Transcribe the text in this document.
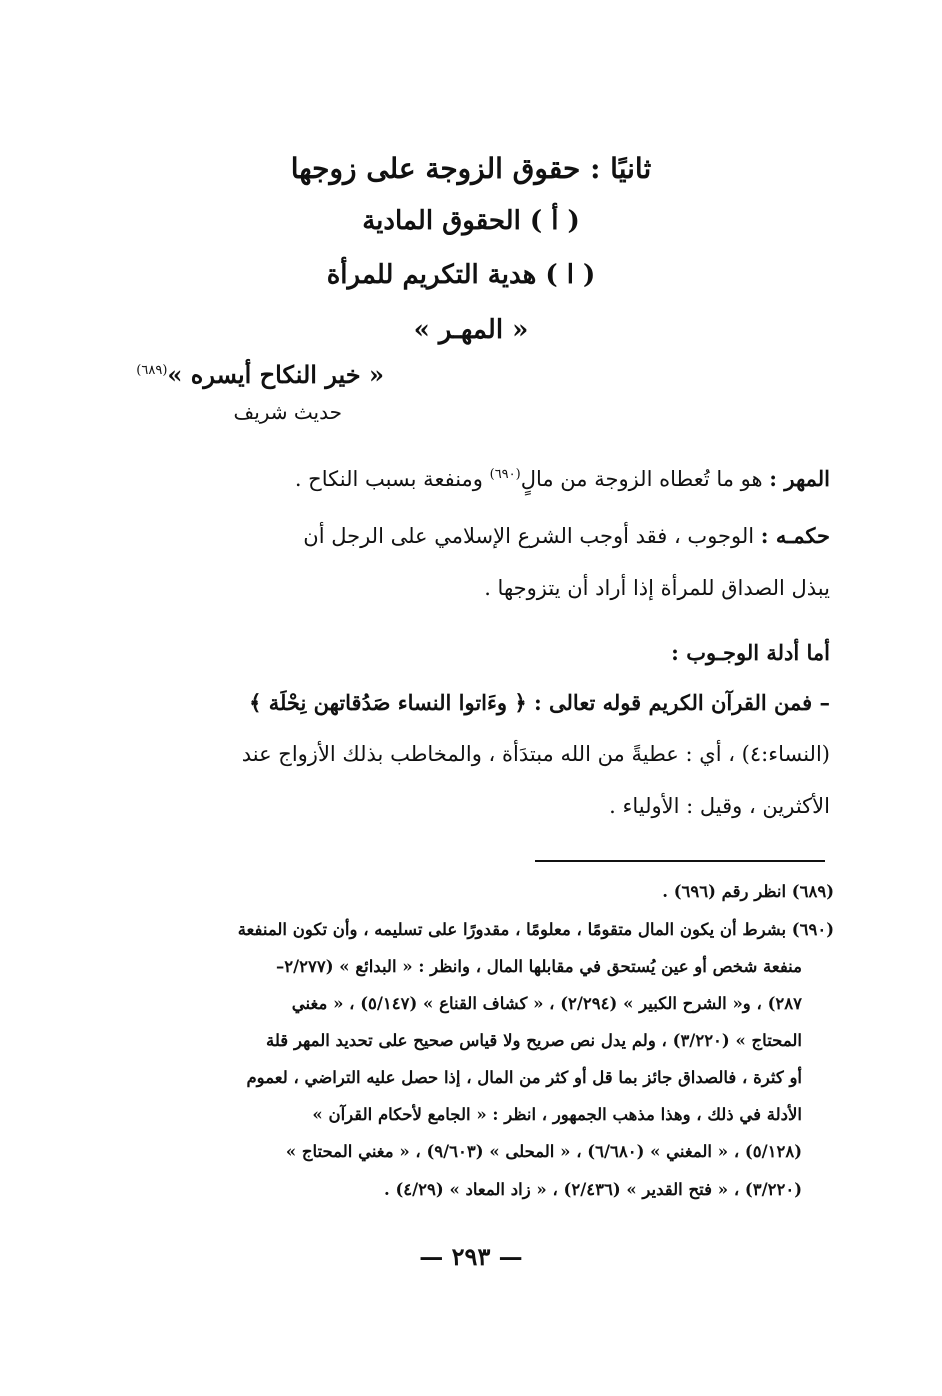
ثانيًا : حقوق الزوجة على زوجها
( أ ) الحقوق المادية
( ا ) هدية التكريم للمرأة
« المهـر »
« خير النكاح أيسره »$^{(٦٨٩)}$
حديث شريف
المهر : هو ما تُعطاه الزوجة من مالٍ$^{(٦٩٠)}$ ومنفعة بسبب النكاح .
حكمـه : الوجوب ، فقد أوجب الشرع الإسلامي على الرجل أن
يبذل الصداق للمرأة إذا أراد أن يتزوجها .
أما أدلة الوجـوب :
– فمن القرآن الكريم قوله تعالى : ﴿ وءَاتوا النساء صَدُقاتهن نِحْلَة ﴾
(النساء:٤) ، أي : عطيةً من الله مبتدَأة ، والمخاطب بذلك الأزواج عند
الأكثرين ، وقيل : الأولياء .
(٦٨٩) انظر رقم (٦٩٦) .
(٦٩٠) بشرط أن يكون المال متقومًا ، معلومًا ، مقدورًا على تسليمه ، وأن تكون المنفعة
منفعة شخص أو عين يُستحق في مقابلها المال ، وانظر : « البدائع » (٢/٢٧٧–
٢٨٧) ، و« الشرح الكبير » (٢/٢٩٤) ، « كشاف القناع » (٥/١٤٧) ، « مغني
المحتاج » (٣/٢٢٠) ، ولم يدل نص صريح ولا قياس صحيح على تحديد المهر قلة
أو كثرة ، فالصداق جائز بما قل أو كثر من المال ، إذا حصل عليه التراضي ، لعموم
الأدلة في ذلك ، وهذا مذهب الجمهور ، انظر : « الجامع لأحكام القرآن »
(٥/١٢٨) ، « المغني » (٦/٦٨٠) ، « المحلى » (٩/٦٠٣) ، « مغني المحتاج »
(٣/٢٢٠) ، « فتح القدير » (٢/٤٣٦) ، « زاد المعاد » (٤/٢٩) .
— ٢٩٣ —
